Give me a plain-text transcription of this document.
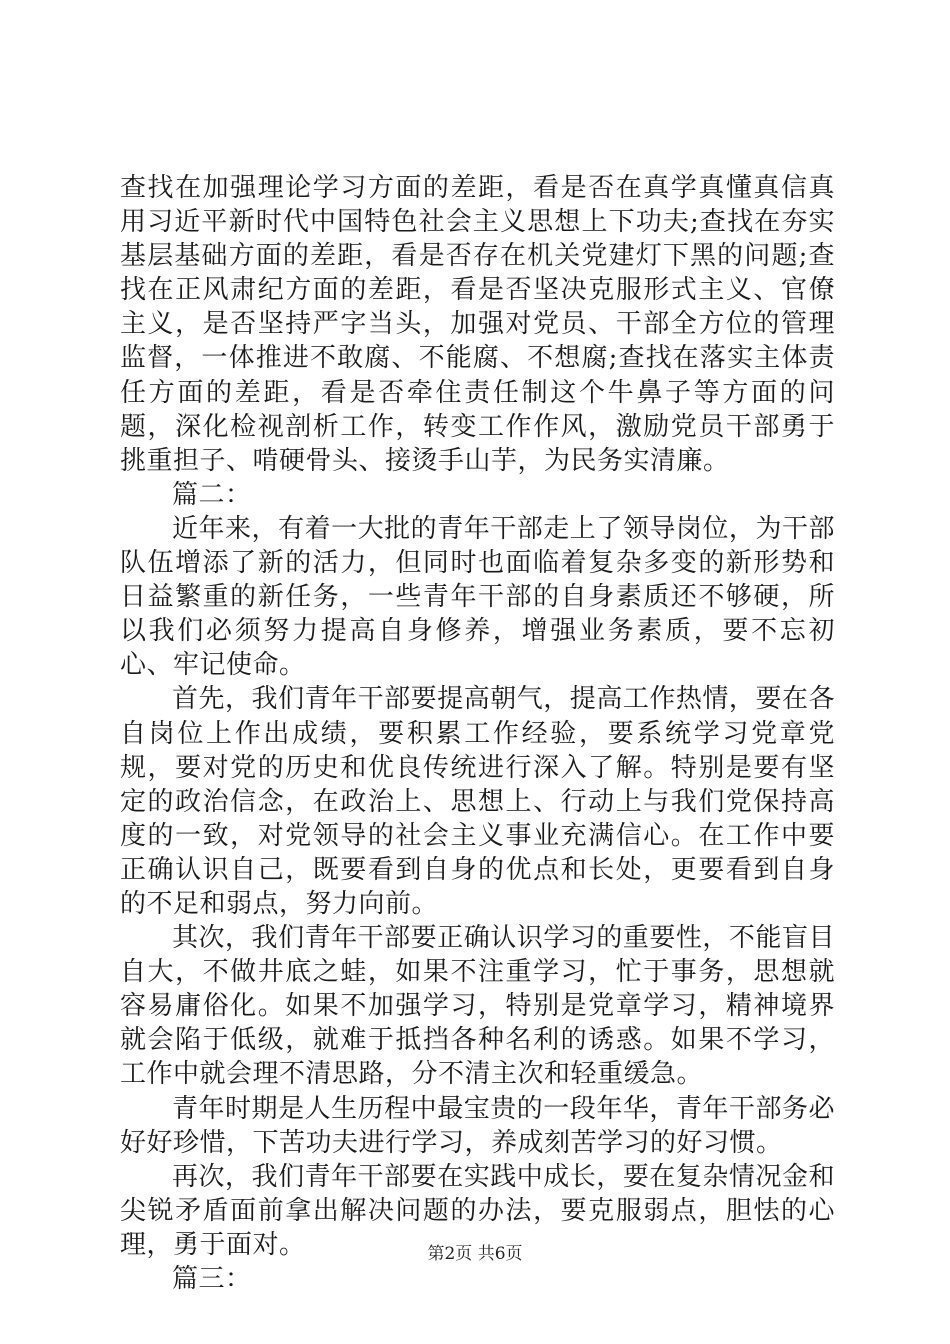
查找在加强理论学习方面的差距，看是否在真学真懂真信真用习近平新时代中国特色社会主义思想上下功夫;查找在夯实基层基础方面的差距，看是否存在机关党建灯下黑的问题;查找在正风肃纪方面的差距，看是否坚决克服形式主义、官僚主义，是否坚持严字当头，加强对党员、干部全方位的管理监督，一体推进不敢腐、不能腐、不想腐;查找在落实主体责任方面的差距，看是否牵住责任制这个牛鼻子等方面的问题，深化检视剖析工作，转变工作作风，激励党员干部勇于挑重担子、啃硬骨头、接烫手山芋，为民务实清廉。

篇二：

近年来，有着一大批的青年干部走上了领导岗位，为干部队伍增添了新的活力，但同时也面临着复杂多变的新形势和日益繁重的新任务，一些青年干部的自身素质还不够硬，所以我们必须努力提高自身修养，增强业务素质，要不忘初心、牢记使命。

首先，我们青年干部要提高朝气，提高工作热情，要在各自岗位上作出成绩，要积累工作经验，要系统学习党章党规，要对党的历史和优良传统进行深入了解。特别是要有坚定的政治信念，在政治上、思想上、行动上与我们党保持高度的一致，对党领导的社会主义事业充满信心。在工作中要正确认识自己，既要看到自身的优点和长处，更要看到自身的不足和弱点，努力向前。

其次，我们青年干部要正确认识学习的重要性，不能盲目自大，不做井底之蛙，如果不注重学习，忙于事务，思想就容易庸俗化。如果不加强学习，特别是党章学习，精神境界就会陷于低级，就难于抵挡各种名利的诱惑。如果不学习，工作中就会理不清思路，分不清主次和轻重缓急。

青年时期是人生历程中最宝贵的一段年华，青年干部务必好好珍惜，下苦功夫进行学习，养成刻苦学习的好习惯。

再次，我们青年干部要在实践中成长，要在复杂情况金和尖锐矛盾面前拿出解决问题的办法，要克服弱点，胆怯的心理，勇于面对。

篇三：

第2页 共6页
